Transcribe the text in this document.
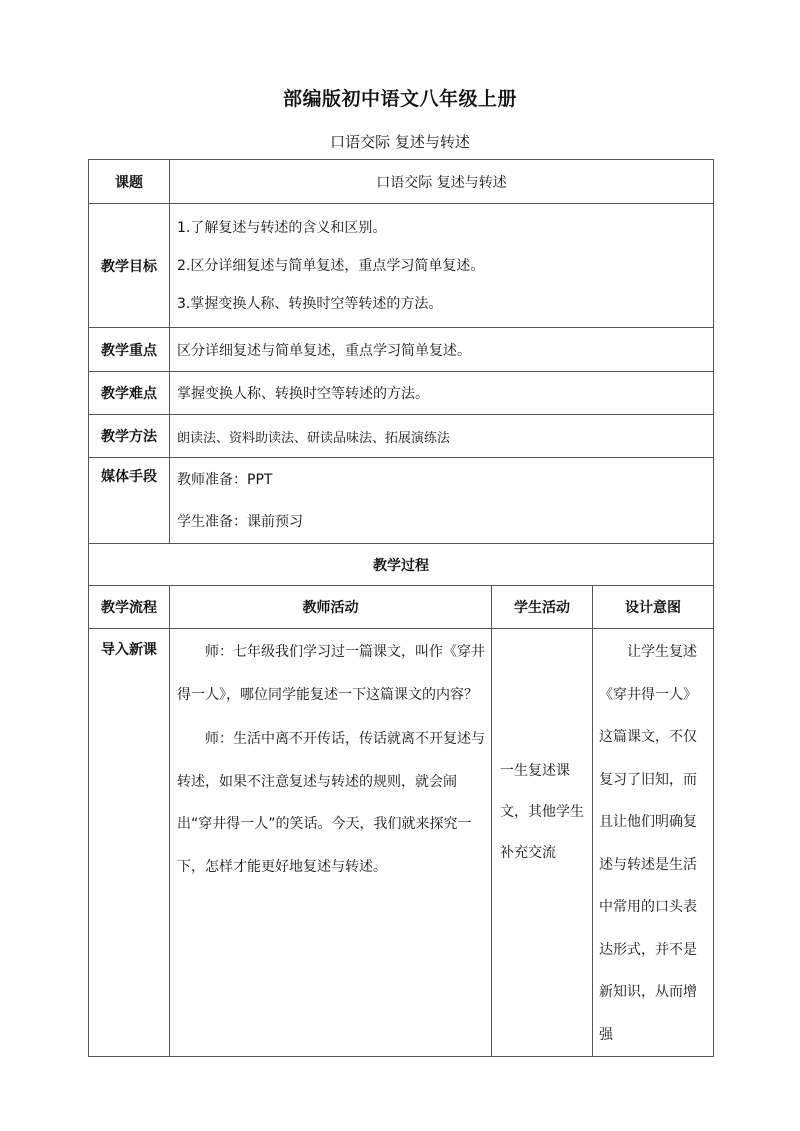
部编版初中语文八年级上册
口语交际 复述与转述
课题	口语交际 复述与转述		
教学目标	1.了解复述与转述的含义和区别。
2.区分详细复述与简单复述，重点学习简单复述。
3.掌握变换人称、转换时空等转述的方法。		

教学重点	区分详细复述与简单复述，重点学习简单复述。		
教学难点	掌握变换人称、转换时空等转述的方法。		
教学方法	朗读法、资料助读法、研读品味法、拓展演练法		
媒体手段	教师准备：PPT
学生准备：课前预习		

教学过程			
教学流程	教师活动	学生活动	设计意图
导入新课	师：七年级我们学习过一篇课文，叫作《穿井得一人》，哪位同学能复述一下这篇课文的内容？

师：生活中离不开传话，传话就离不开复述与转述，如果不注意复述与转述的规则，就会闹出“穿井得一人”的笑话。今天，我们就来探究一下，怎样才能更好地复述与转述。	一生复述课文，其他学生补充交流	让学生复述《穿井得一人》这篇课文，不仅复习了旧知，而且让他们明确复述与转述是生活中常用的口头表达形式，并不是新知识，从而增强
